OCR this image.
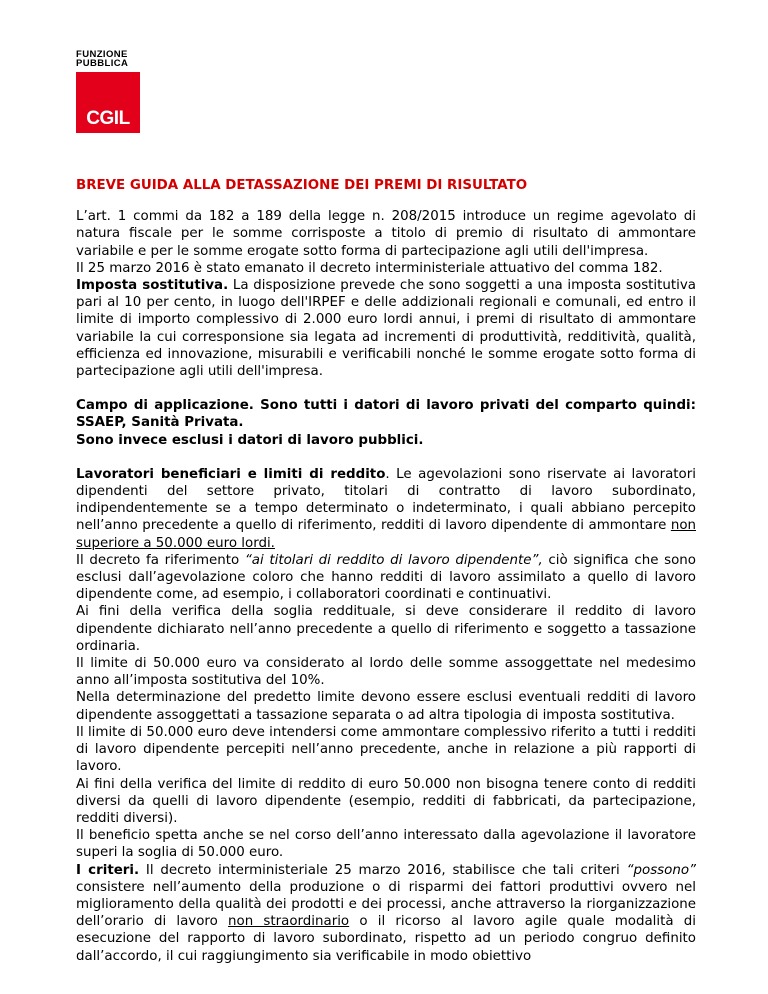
FUNZIONE
PUBBLICA
CGIL
BREVE GUIDA ALLA DETASSAZIONE DEI PREMI DI RISULTATO

L’art. 1 commi da 182 a 189 della legge n. 208/2015 introduce un regime agevolato di natura fiscale per le somme corrisposte a titolo di premio di risultato di ammontare variabile e per le somme erogate sotto forma di partecipazione agli utili dell'impresa.

Il 25 marzo 2016 è stato emanato il decreto interministeriale attuativo del comma 182.

Imposta sostitutiva. La disposizione prevede che sono soggetti a una imposta sostitutiva pari al 10 per cento, in luogo dell'IRPEF e delle addizionali regionali e comunali, ed entro il limite di importo complessivo di 2.000 euro lordi annui, i premi di risultato di ammontare variabile la cui corresponsione sia legata ad incrementi di produttività, redditività, qualità, efficienza ed innovazione, misurabili e verificabili nonché le somme erogate sotto forma di partecipazione agli utili dell'impresa.

Campo di applicazione. Sono tutti i datori di lavoro privati del comparto quindi: SSAEP, Sanità Privata.

Sono invece esclusi i datori di lavoro pubblici.

Lavoratori beneficiari e limiti di reddito. Le agevolazioni sono riservate ai lavoratori dipendenti del settore privato, titolari di contratto di lavoro subordinato, indipendentemente se a tempo determinato o indeterminato, i quali abbiano percepito nell’anno precedente a quello di riferimento, redditi di lavoro dipendente di ammontare non superiore a 50.000 euro lordi.

Il decreto fa riferimento “ai titolari di reddito di lavoro dipendente”, ciò significa che sono esclusi dall’agevolazione coloro che hanno redditi di lavoro assimilato a quello di lavoro dipendente come, ad esempio, i collaboratori coordinati e continuativi.

Ai fini della verifica della soglia reddituale, si deve considerare il reddito di lavoro dipendente dichiarato nell’anno precedente a quello di riferimento e soggetto a tassazione ordinaria.

Il limite di 50.000 euro va considerato al lordo delle somme assoggettate nel medesimo anno all’imposta sostitutiva del 10%.

Nella determinazione del predetto limite devono essere esclusi eventuali redditi di lavoro dipendente assoggettati a tassazione separata o ad altra tipologia di imposta sostitutiva.

Il limite di 50.000 euro deve intendersi come ammontare complessivo riferito a tutti i redditi di lavoro dipendente percepiti nell’anno precedente, anche in relazione a più rapporti di lavoro.

Ai fini della verifica del limite di reddito di euro 50.000 non bisogna tenere conto di redditi diversi da quelli di lavoro dipendente (esempio, redditi di fabbricati, da partecipazione, redditi diversi).

Il beneficio spetta anche se nel corso dell’anno interessato dalla agevolazione il lavoratore superi la soglia di 50.000 euro.

I criteri. Il decreto interministeriale 25 marzo 2016, stabilisce che tali criteri “possono” consistere nell’aumento della produzione o di risparmi dei fattori produttivi ovvero nel miglioramento della qualità dei prodotti e dei processi, anche attraverso la riorganizzazione dell’orario di lavoro non straordinario o il ricorso al lavoro agile quale modalità di esecuzione del rapporto di lavoro subordinato, rispetto ad un periodo congruo definito dall’accordo, il cui raggiungimento sia verificabile in modo obiettivo
